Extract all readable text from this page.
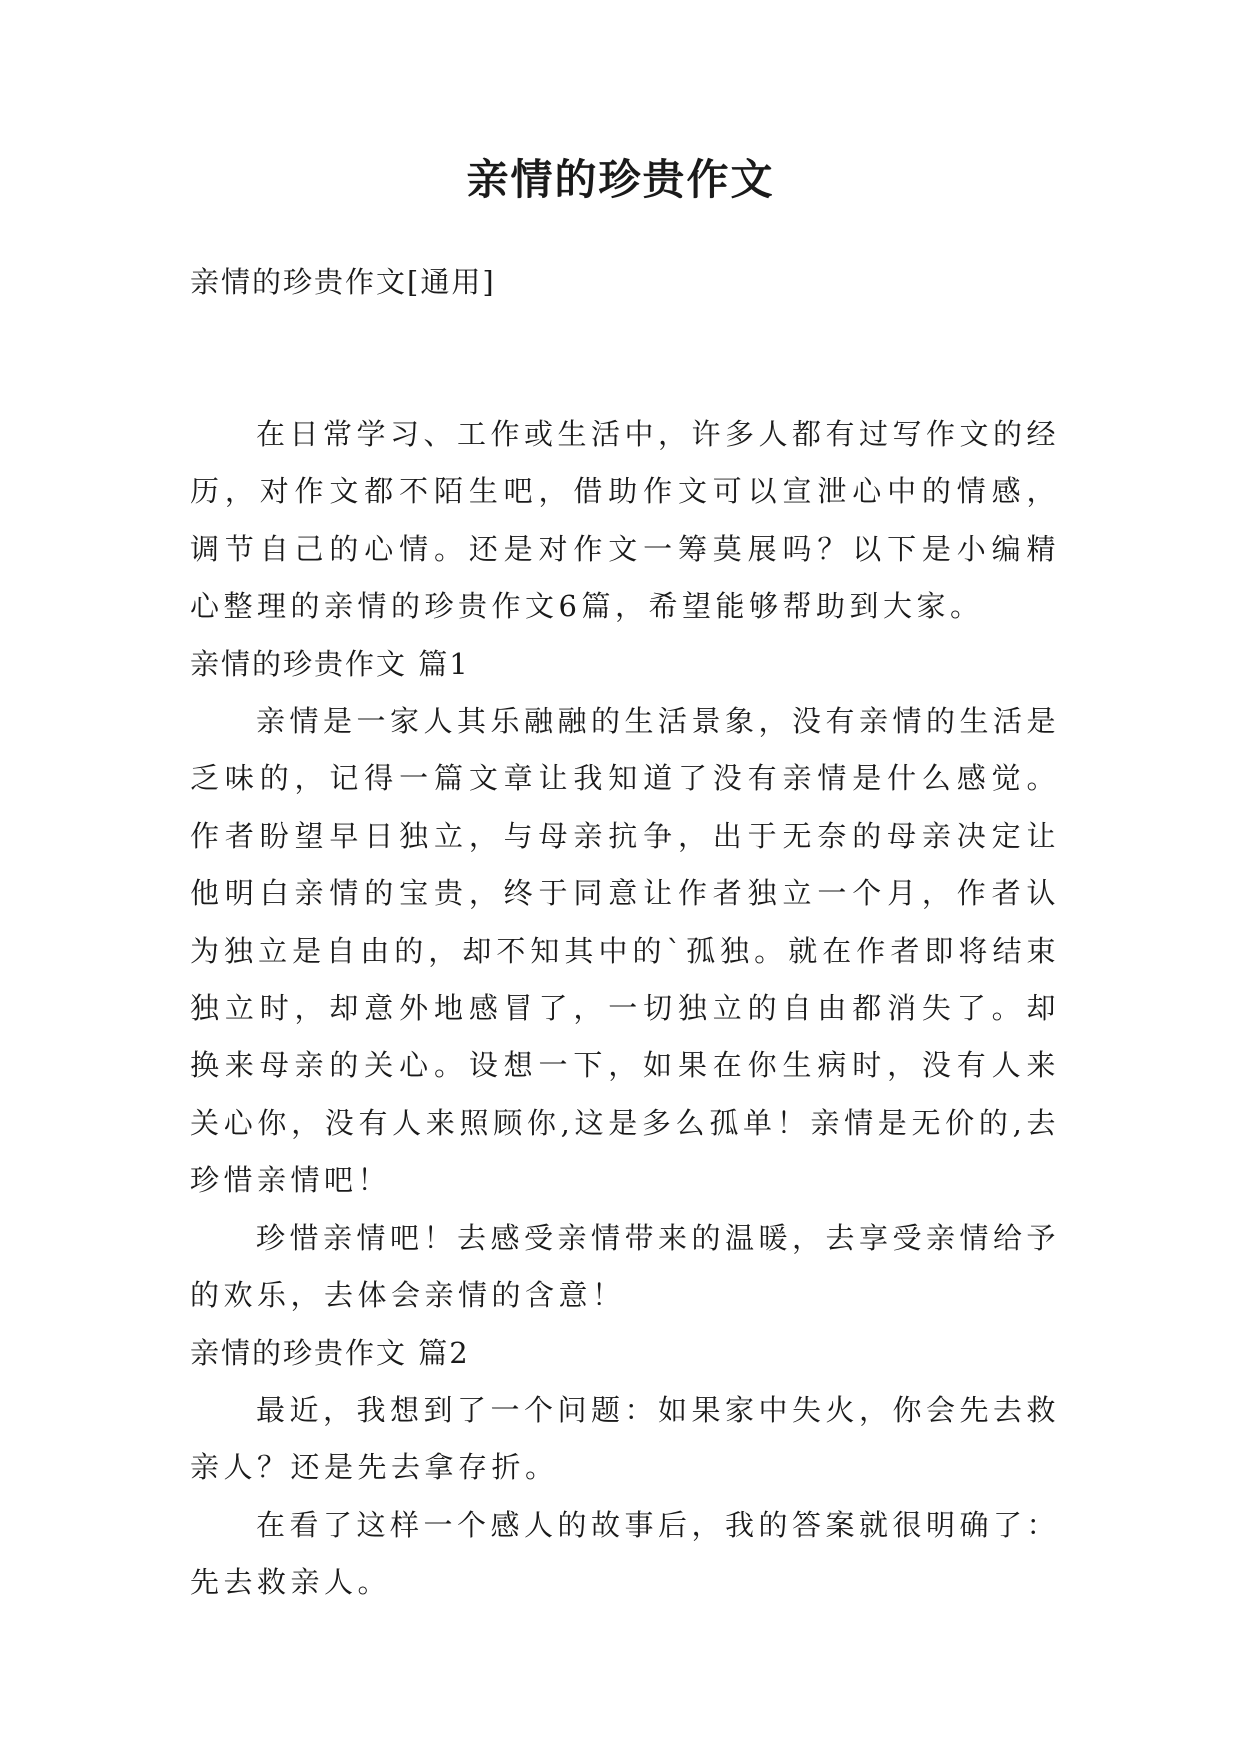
亲情的珍贵作文

亲情的珍贵作文[通用]

在日常学习、工作或生活中，许多人都有过写作文的经历，对作文都不陌生吧，借助作文可以宣泄心中的情感，调节自己的心情。还是对作文一筹莫展吗？以下是小编精心整理的亲情的珍贵作文6篇，希望能够帮助到大家。

亲情的珍贵作文 篇1

亲情是一家人其乐融融的生活景象，没有亲情的生活是乏味的，记得一篇文章让我知道了没有亲情是什么感觉。作者盼望早日独立，与母亲抗争，出于无奈的母亲决定让他明白亲情的宝贵，终于同意让作者独立一个月，作者认为独立是自由的，却不知其中的`孤独。就在作者即将结束独立时，却意外地感冒了，一切独立的自由都消失了。却换来母亲的关心。设想一下，如果在你生病时，没有人来关心你，没有人来照顾你,这是多么孤单！亲情是无价的,去珍惜亲情吧！

珍惜亲情吧！去感受亲情带来的温暖，去享受亲情给予的欢乐，去体会亲情的含意！

亲情的珍贵作文 篇2

最近，我想到了一个问题：如果家中失火，你会先去救亲人？还是先去拿存折。

在看了这样一个感人的故事后，我的答案就很明确了：先去救亲人。
